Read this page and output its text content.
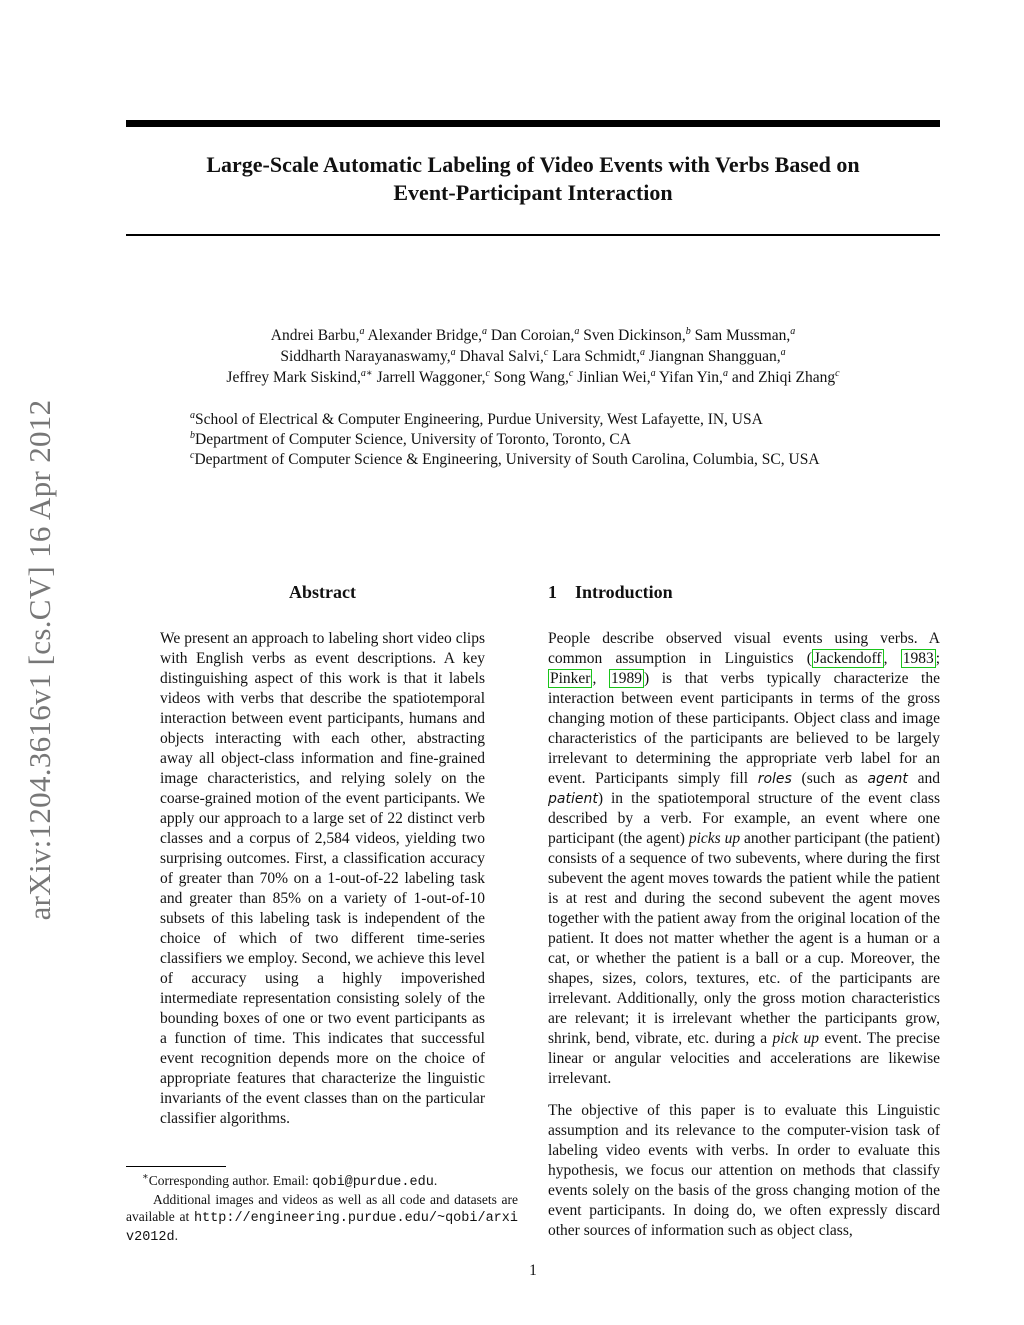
Large-Scale Automatic Labeling of Video Events with Verbs Based on
Event-Participant Interaction
arXiv:1204.3616v1 [cs.CV] 16 Apr 2012
Andrei Barbu,$^a$ Alexander Bridge,$^a$ Dan Coroian,$^a$ Sven Dickinson,$^b$ Sam Mussman,$^a$
Siddharth Narayanaswamy,$^a$ Dhaval Salvi,$^c$ Lara Schmidt,$^a$ Jiangnan Shangguan,$^a$
Jeffrey Mark Siskind,$^{a∗}$ Jarrell Waggoner,$^c$ Song Wang,$^c$ Jinlian Wei,$^a$ Yifan Yin,$^a$ and Zhiqi Zhang$^c$
$^a$School of Electrical & Computer Engineering, Purdue University, West Lafayette, IN, USA
$^b$Department of Computer Science, University of Toronto, Toronto, CA
$^c$Department of Computer Science & Engineering, University of South Carolina, Columbia, SC, USA
Abstract

We present an approach to labeling short video clips with English verbs as event descriptions. A key distinguishing aspect of this work is that it labels videos with verbs that describe the spatiotemporal interaction between event participants, humans and objects interacting with each other, abstracting away all object-class information and fine-grained image characteristics, and relying solely on the coarse-grained motion of the event participants. We apply our approach to a large set of 22 distinct verb classes and a corpus of 2,584 videos, yielding two surprising outcomes. First, a classification accuracy of greater than 70% on a 1-out-of-22 labeling task and greater than 85% on a variety of 1-out-of-10 subsets of this labeling task is independent of the choice of which of two different time-series classifiers we employ. Second, we achieve this level of accuracy using a highly impoverished intermediate representation consisting solely of the bounding boxes of one or two event participants as a function of time. This indicates that successful event recognition depends more on the choice of appropriate features that characterize the linguistic invariants of the event classes than on the particular classifier algorithms.

∗Corresponding author. Email: qobi@purdue.edu.

Additional images and videos as well as all code and datasets are available at http://engineering.purdue.edu/~qobi/arxiv2012d.

1 Introduction

People describe observed visual events using verbs. A common assumption in Linguistics ( Jackendoff , 1983 ; Pinker , 1989 ) is that verbs typically characterize the interaction between event participants in terms of the gross changing motion of these participants. Object class and image characteristics of the participants are believed to be largely irrelevant to determining the appropriate verb label for an event. Participants simply fill roles (such as agent and patient) in the spatiotemporal structure of the event class described by a verb. For example, an event where one participant (the agent) picks up another participant (the patient) consists of a sequence of two subevents, where during the first subevent the agent moves towards the patient while the patient is at rest and during the second subevent the agent moves together with the patient away from the original location of the patient. It does not matter whether the agent is a human or a cat, or whether the patient is a ball or a cup. Moreover, the shapes, sizes, colors, textures, etc. of the participants are irrelevant. Additionally, only the gross motion characteristics are relevant; it is irrelevant whether the participants grow, shrink, bend, vibrate, etc. during a pick up event. The precise linear or angular velocities and accelerations are likewise irrelevant.

The objective of this paper is to evaluate this Linguistic assumption and its relevance to the computer-vision task of labeling video events with verbs. In order to evaluate this hypothesis, we focus our attention on methods that classify events solely on the basis of the gross changing motion of the event participants. In doing do, we often expressly discard other sources of information such as object class,

1
